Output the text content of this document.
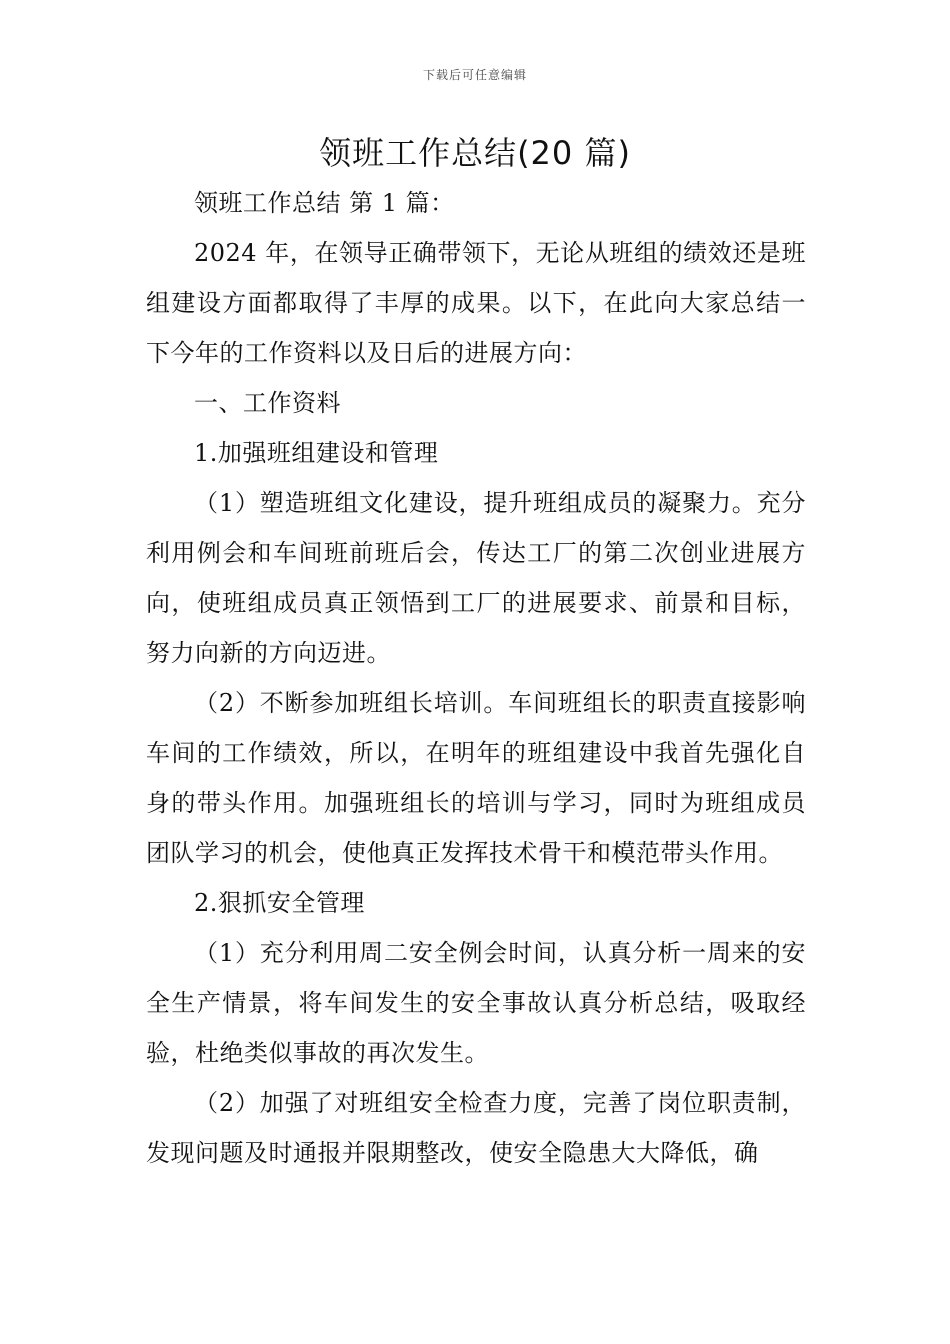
下载后可任意编辑
领班工作总结(20 篇)

领班工作总结 第 1 篇：

2024 年，在领导正确带领下，无论从班组的绩效还是班组建设方面都取得了丰厚的成果。以下，在此向大家总结一下今年的工作资料以及日后的进展方向：

一、工作资料

1.加强班组建设和管理

（1）塑造班组文化建设，提升班组成员的凝聚力。充分利用例会和车间班前班后会，传达工厂的第二次创业进展方向，使班组成员真正领悟到工厂的进展要求、前景和目标，努力向新的方向迈进。

（2）不断参加班组长培训。车间班组长的职责直接影响车间的工作绩效，所以，在明年的班组建设中我首先强化自身的带头作用。加强班组长的培训与学习，同时为班组成员团队学习的机会，使他真正发挥技术骨干和模范带头作用。

2.狠抓安全管理

（1）充分利用周二安全例会时间，认真分析一周来的安全生产情景，将车间发生的安全事故认真分析总结，吸取经验，杜绝类似事故的再次发生。

（2）加强了对班组安全检查力度，完善了岗位职责制，发现问题及时通报并限期整改，使安全隐患大大降低，确
